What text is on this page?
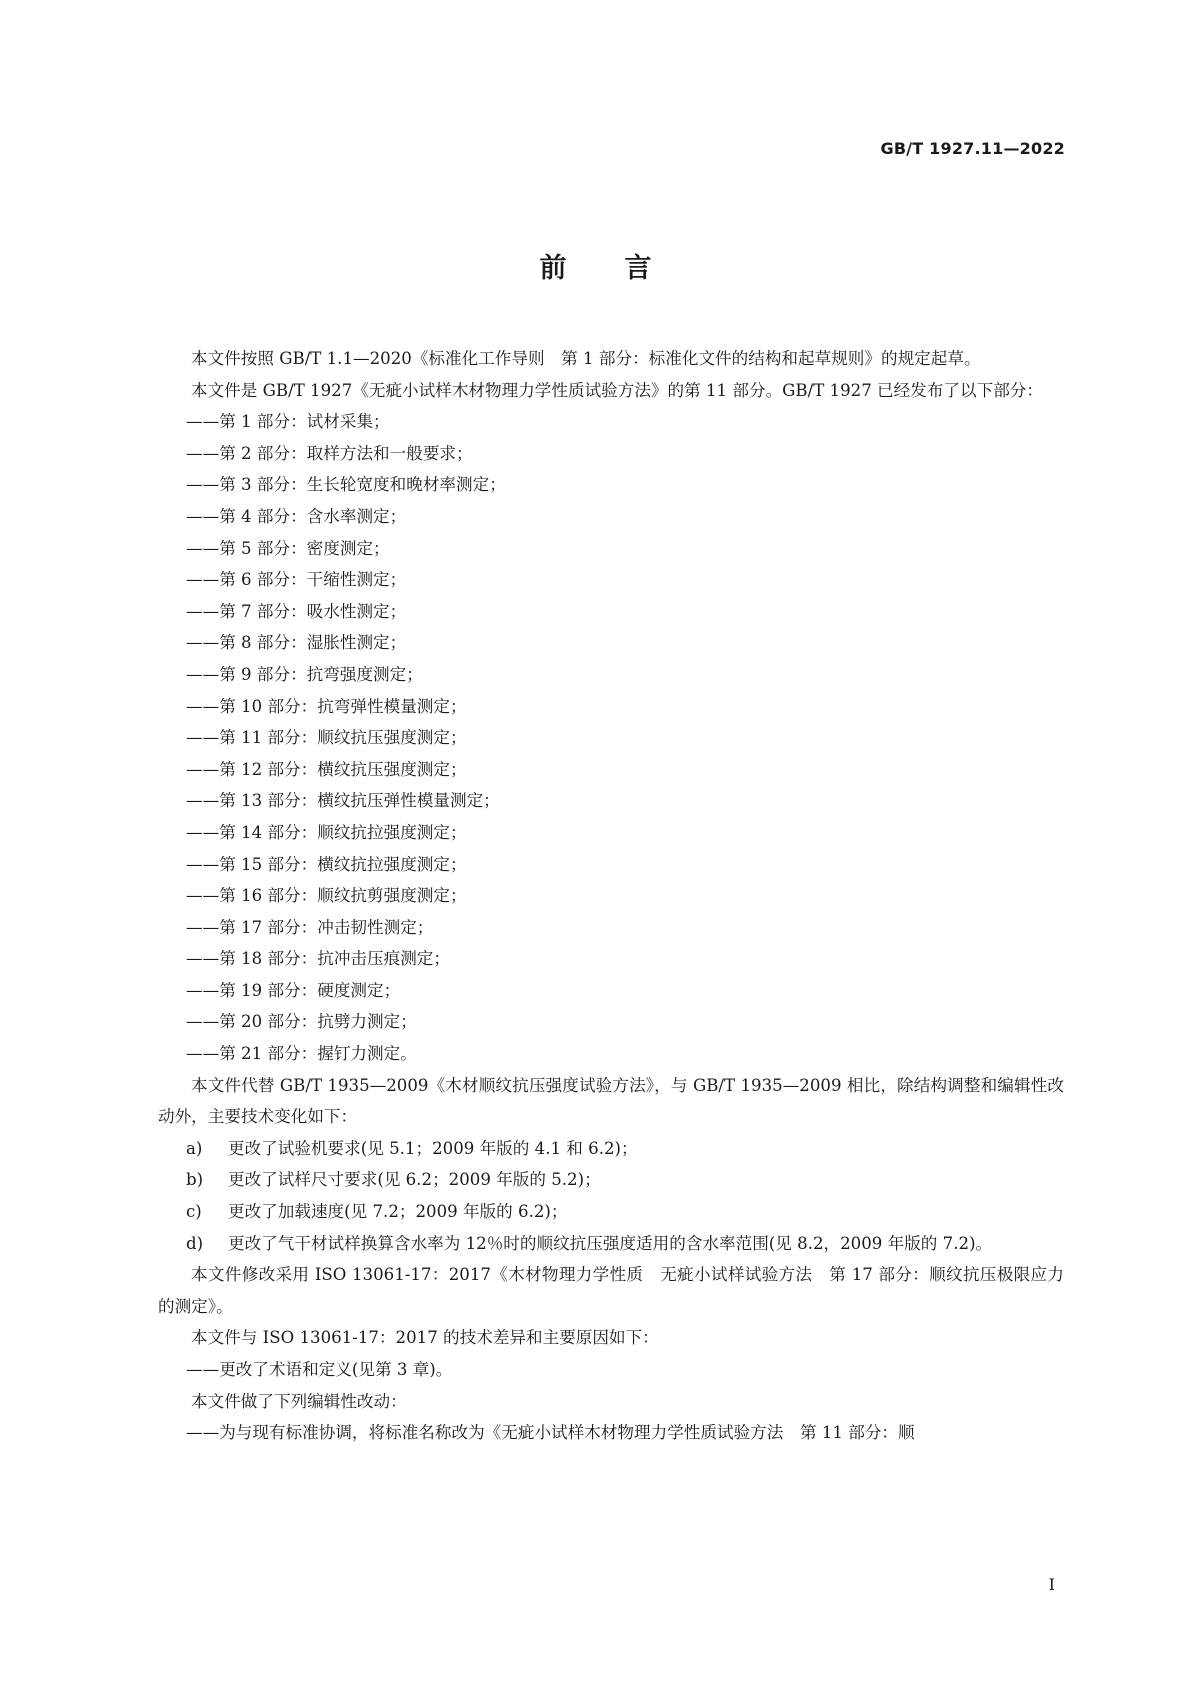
GB/T 1927.11—2022
前言

本文件按照 GB/T 1.1—2020《标准化工作导则　第 1 部分：标准化文件的结构和起草规则》的规定起草。

本文件是 GB/T 1927《无疵小试样木材物理力学性质试验方法》的第 11 部分。GB/T 1927 已经发布了以下部分：

——第 1 部分：试材采集；

——第 2 部分：取样方法和一般要求；

——第 3 部分：生长轮宽度和晚材率测定；

——第 4 部分：含水率测定；

——第 5 部分：密度测定；

——第 6 部分：干缩性测定；

——第 7 部分：吸水性测定；

——第 8 部分：湿胀性测定；

——第 9 部分：抗弯强度测定；

——第 10 部分：抗弯弹性模量测定；

——第 11 部分：顺纹抗压强度测定；

——第 12 部分：横纹抗压强度测定；

——第 13 部分：横纹抗压弹性模量测定；

——第 14 部分：顺纹抗拉强度测定；

——第 15 部分：横纹抗拉强度测定；

——第 16 部分：顺纹抗剪强度测定；

——第 17 部分：冲击韧性测定；

——第 18 部分：抗冲击压痕测定；

——第 19 部分：硬度测定；

——第 20 部分：抗劈力测定；

——第 21 部分：握钉力测定。

本文件代替 GB/T 1935—2009《木材顺纹抗压强度试验方法》，与 GB/T 1935—2009 相比，除结构调整和编辑性改动外，主要技术变化如下：

a) 更改了试验机要求(见 5.1；2009 年版的 4.1 和 6.2)；

b) 更改了试样尺寸要求(见 6.2；2009 年版的 5.2)；

c) 更改了加载速度(见 7.2；2009 年版的 6.2)；

d) 更改了气干材试样换算含水率为 12％时的顺纹抗压强度适用的含水率范围(见 8.2，2009 年版的 7.2)。

本文件修改采用 ISO 13061-17：2017《木材物理力学性质　无疵小试样试验方法　第 17 部分：顺纹抗压极限应力的测定》。

本文件与 ISO 13061-17：2017 的技术差异和主要原因如下：

——更改了术语和定义(见第 3 章)。

本文件做了下列编辑性改动：

——为与现有标准协调，将标准名称改为《无疵小试样木材物理力学性质试验方法　第 11 部分：顺

I
